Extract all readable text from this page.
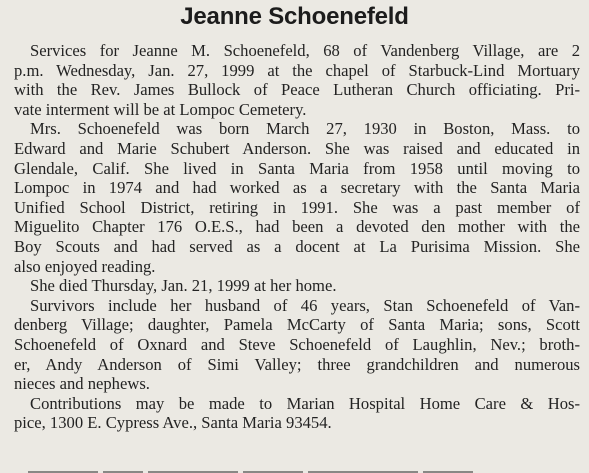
Jeanne Schoenefeld
Services for Jeanne M. Schoenefeld, 68 of Vandenberg Village, are 2
p.m. Wednesday, Jan. 27, 1999 at the chapel of Starbuck-Lind Mortuary
with the Rev. James Bullock of Peace Lutheran Church officiating. Pri-
vate interment will be at Lompoc Cemetery.
Mrs. Schoenefeld was born March 27, 1930 in Boston, Mass. to
Edward and Marie Schubert Anderson. She was raised and educated in
Glendale, Calif. She lived in Santa Maria from 1958 until moving to
Lompoc in 1974 and had worked as a secretary with the Santa Maria
Unified School District, retiring in 1991. She was a past member of
Miguelito Chapter 176 O.E.S., had been a devoted den mother with the
Boy Scouts and had served as a docent at La Purisima Mission. She
also enjoyed reading.
She died Thursday, Jan. 21, 1999 at her home.
Survivors include her husband of 46 years, Stan Schoenefeld of Van-
denberg Village; daughter, Pamela McCarty of Santa Maria; sons, Scott
Schoenefeld of Oxnard and Steve Schoenefeld of Laughlin, Nev.; broth-
er, Andy Anderson of Simi Valley; three grandchildren and numerous
nieces and nephews.
Contributions may be made to Marian Hospital Home Care & Hos-
pice, 1300 E. Cypress Ave., Santa Maria 93454.
